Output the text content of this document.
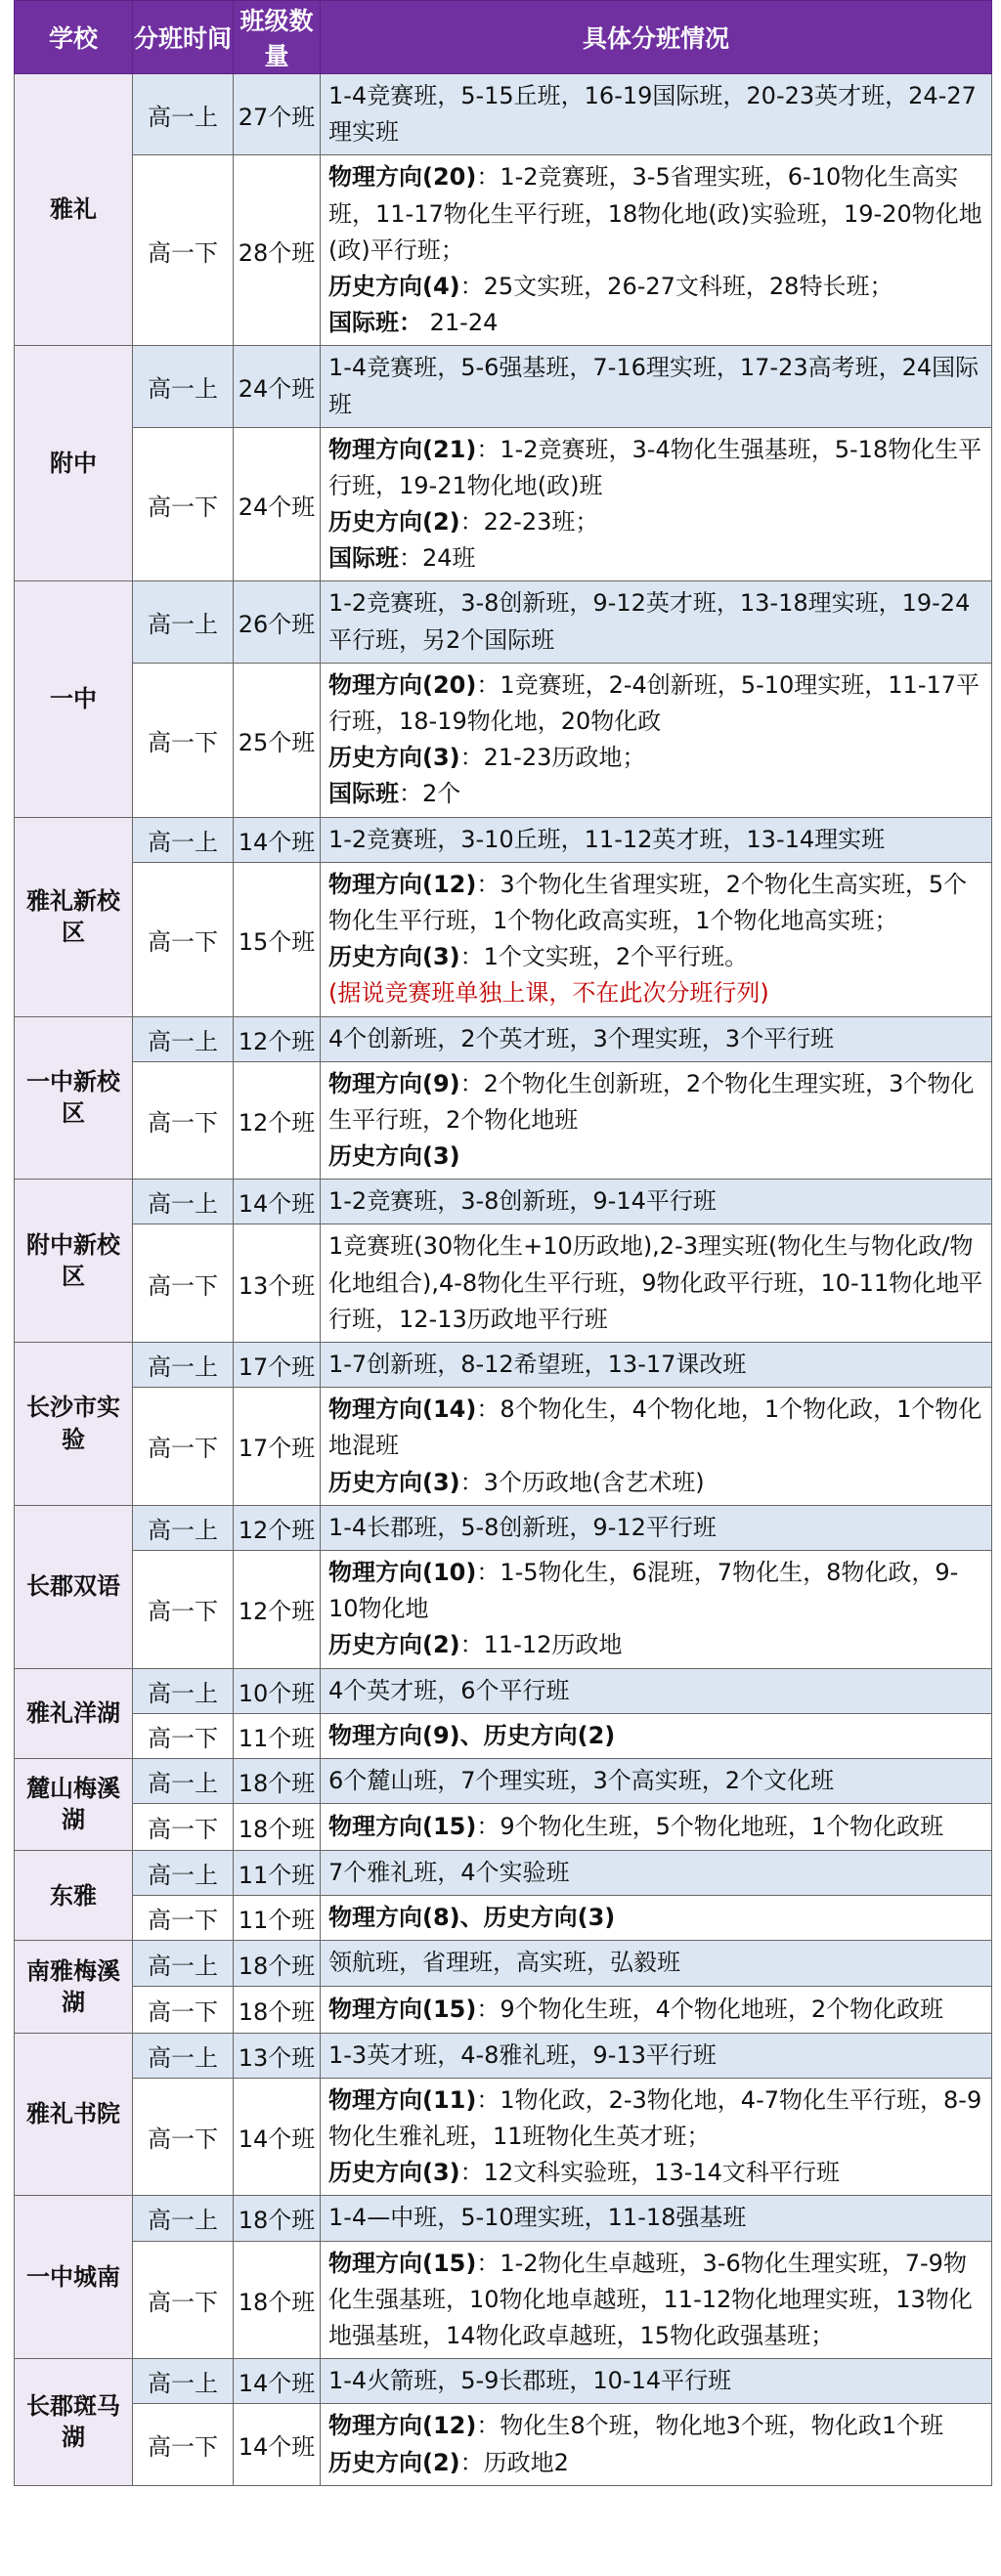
学校	分班时间	班级数量	具体分班情况
雅礼	高一上	27个班	1-4竞赛班，5-15丘班，16-19国际班，20-23英才班，24-27理实班

	高一下	28个班	物理方向(20)：1-2竞赛班，3-5省理实班，6-10物化生高实班，11-17物化生平行班，18物化地(政)实验班，19-20物化地(政)平行班；
历史方向(4)：25文实班，26-27文科班，28特长班；
国际班： 21-24

附中	高一上	24个班	1-4竞赛班，5-6强基班，7-16理实班，17-23高考班，24国际班

	高一下	24个班	物理方向(21)：1-2竞赛班，3-4物化生强基班，5-18物化生平行班，19-21物化地(政)班
历史方向(2)：22-23班；
国际班：24班

一中	高一上	26个班	1-2竞赛班，3-8创新班，9-12英才班，13-18理实班，19-24平行班，另2个国际班

	高一下	25个班	物理方向(20)：1竞赛班，2-4创新班，5-10理实班，11-17平行班，18-19物化地，20物化政
历史方向(3)：21-23历政地；
国际班：2个

雅礼新校区	高一上	14个班	1-2竞赛班，3-10丘班，11-12英才班，13-14理实班

	高一下	15个班	物理方向(12)：3个物化生省理实班，2个物化生高实班，5个物化生平行班，1个物化政高实班，1个物化地高实班；
历史方向(3)：1个文实班，2个平行班。
(据说竞赛班单独上课，不在此次分班行列)

一中新校区	高一上	12个班	4个创新班，2个英才班，3个理实班，3个平行班

	高一下	12个班	物理方向(9)：2个物化生创新班，2个物化生理实班，3个物化生平行班，2个物化地班
历史方向(3)

附中新校区	高一上	14个班	1-2竞赛班，3-8创新班，9-14平行班

	高一下	13个班	1竞赛班(30物化生+10历政地),2-3理实班(物化生与物化政/物化地组合),4-8物化生平行班，9物化政平行班，10-11物化地平行班，12-13历政地平行班

长沙市实验	高一上	17个班	1-7创新班，8-12希望班，13-17课改班

	高一下	17个班	物理方向(14)：8个物化生，4个物化地，1个物化政，1个物化地混班
历史方向(3)：3个历政地(含艺术班)

长郡双语	高一上	12个班	1-4长郡班，5-8创新班，9-12平行班

	高一下	12个班	物理方向(10)：1-5物化生，6混班，7物化生，8物化政，9-10物化地
历史方向(2)：11-12历政地

雅礼洋湖	高一上	10个班	4个英才班，6个平行班

	高一下	11个班	物理方向(9)、历史方向(2)

麓山梅溪湖	高一上	18个班	6个麓山班，7个理实班，3个高实班，2个文化班

	高一下	18个班	物理方向(15)：9个物化生班，5个物化地班，1个物化政班

东雅	高一上	11个班	7个雅礼班，4个实验班

	高一下	11个班	物理方向(8)、历史方向(3)

南雅梅溪湖	高一上	18个班	领航班，省理班，高实班，弘毅班

	高一下	18个班	物理方向(15)：9个物化生班，4个物化地班，2个物化政班

雅礼书院	高一上	13个班	1-3英才班，4-8雅礼班，9-13平行班

	高一下	14个班	物理方向(11)：1物化政，2-3物化地，4-7物化生平行班，8-9物化生雅礼班，11班物化生英才班；
历史方向(3)：12文科实验班，13-14文科平行班

一中城南	高一上	18个班	1-4—中班，5-10理实班，11-18强基班

	高一下	18个班	物理方向(15)：1-2物化生卓越班，3-6物化生理实班，7-9物化生强基班，10物化地卓越班，11-12物化地理实班，13物化地强基班，14物化政卓越班，15物化政强基班；

长郡斑马湖	高一上	14个班	1-4火箭班，5-9长郡班，10-14平行班

	高一下	14个班	物理方向(12)：物化生8个班，物化地3个班，物化政1个班
历史方向(2)：历政地2
